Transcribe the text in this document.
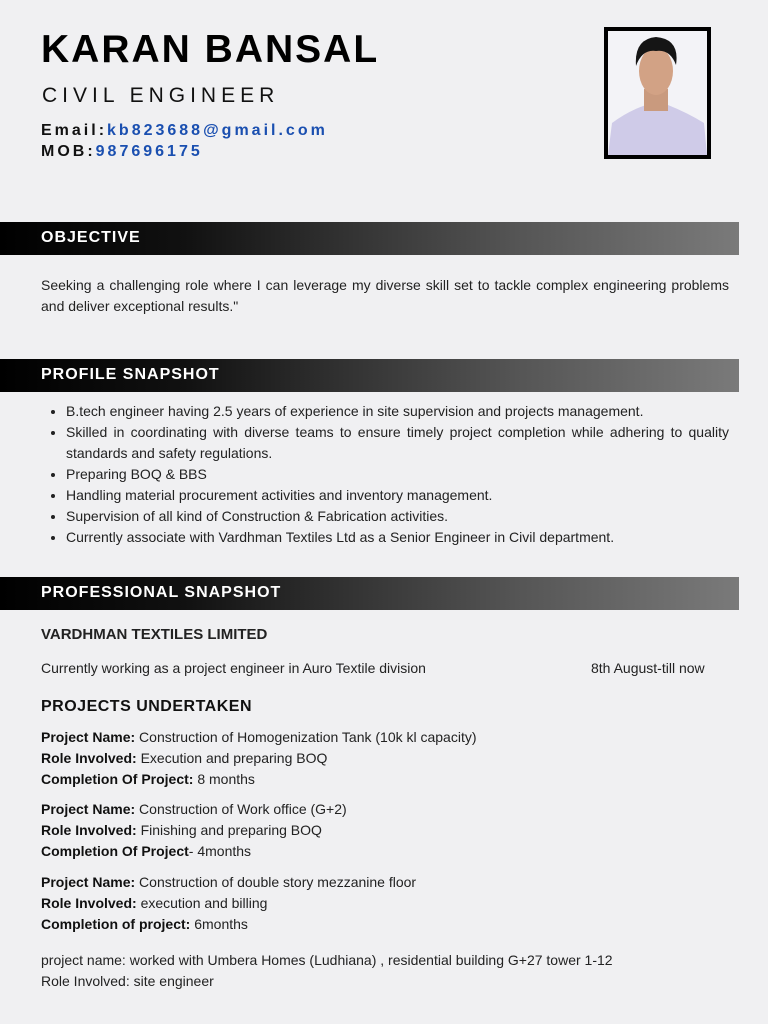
KARAN BANSAL
CIVIL ENGINEER
Email:kb823688@gmail.com
MOB:987696175
OBJECTIVE
Seeking a challenging role where I can leverage my diverse skill set to tackle complex engineering problems and deliver exceptional results."
PROFILE SNAPSHOT
• B.tech engineer having 2.5 years of experience in site supervision and projects management.
• Skilled in coordinating with diverse teams to ensure timely project completion while adhering to quality standards and safety regulations.
• Preparing BOQ & BBS
• Handling material procurement activities and inventory management.
• Supervision of all kind of Construction & Fabrication activities.
• Currently associate with Vardhman Textiles Ltd as a Senior Engineer in Civil department.
PROFESSIONAL SNAPSHOT
VARDHMAN TEXTILES LIMITED
Currently working as a project engineer in Auro Textile division	8th August-till now
PROJECTS UNDERTAKEN
Project Name: Construction of Homogenization Tank (10k kl capacity)
Role Involved: Execution and preparing BOQ
Completion Of Project: 8 months
Project Name: Construction of Work office (G+2)
Role Involved: Finishing and preparing BOQ
Completion Of Project- 4months
Project Name: Construction of double story mezzanine floor
Role Involved: execution and billing
Completion of project: 6months
project name: worked with Umbera Homes (Ludhiana) , residential building G+27 tower 1-12
Role Involved: site engineer
